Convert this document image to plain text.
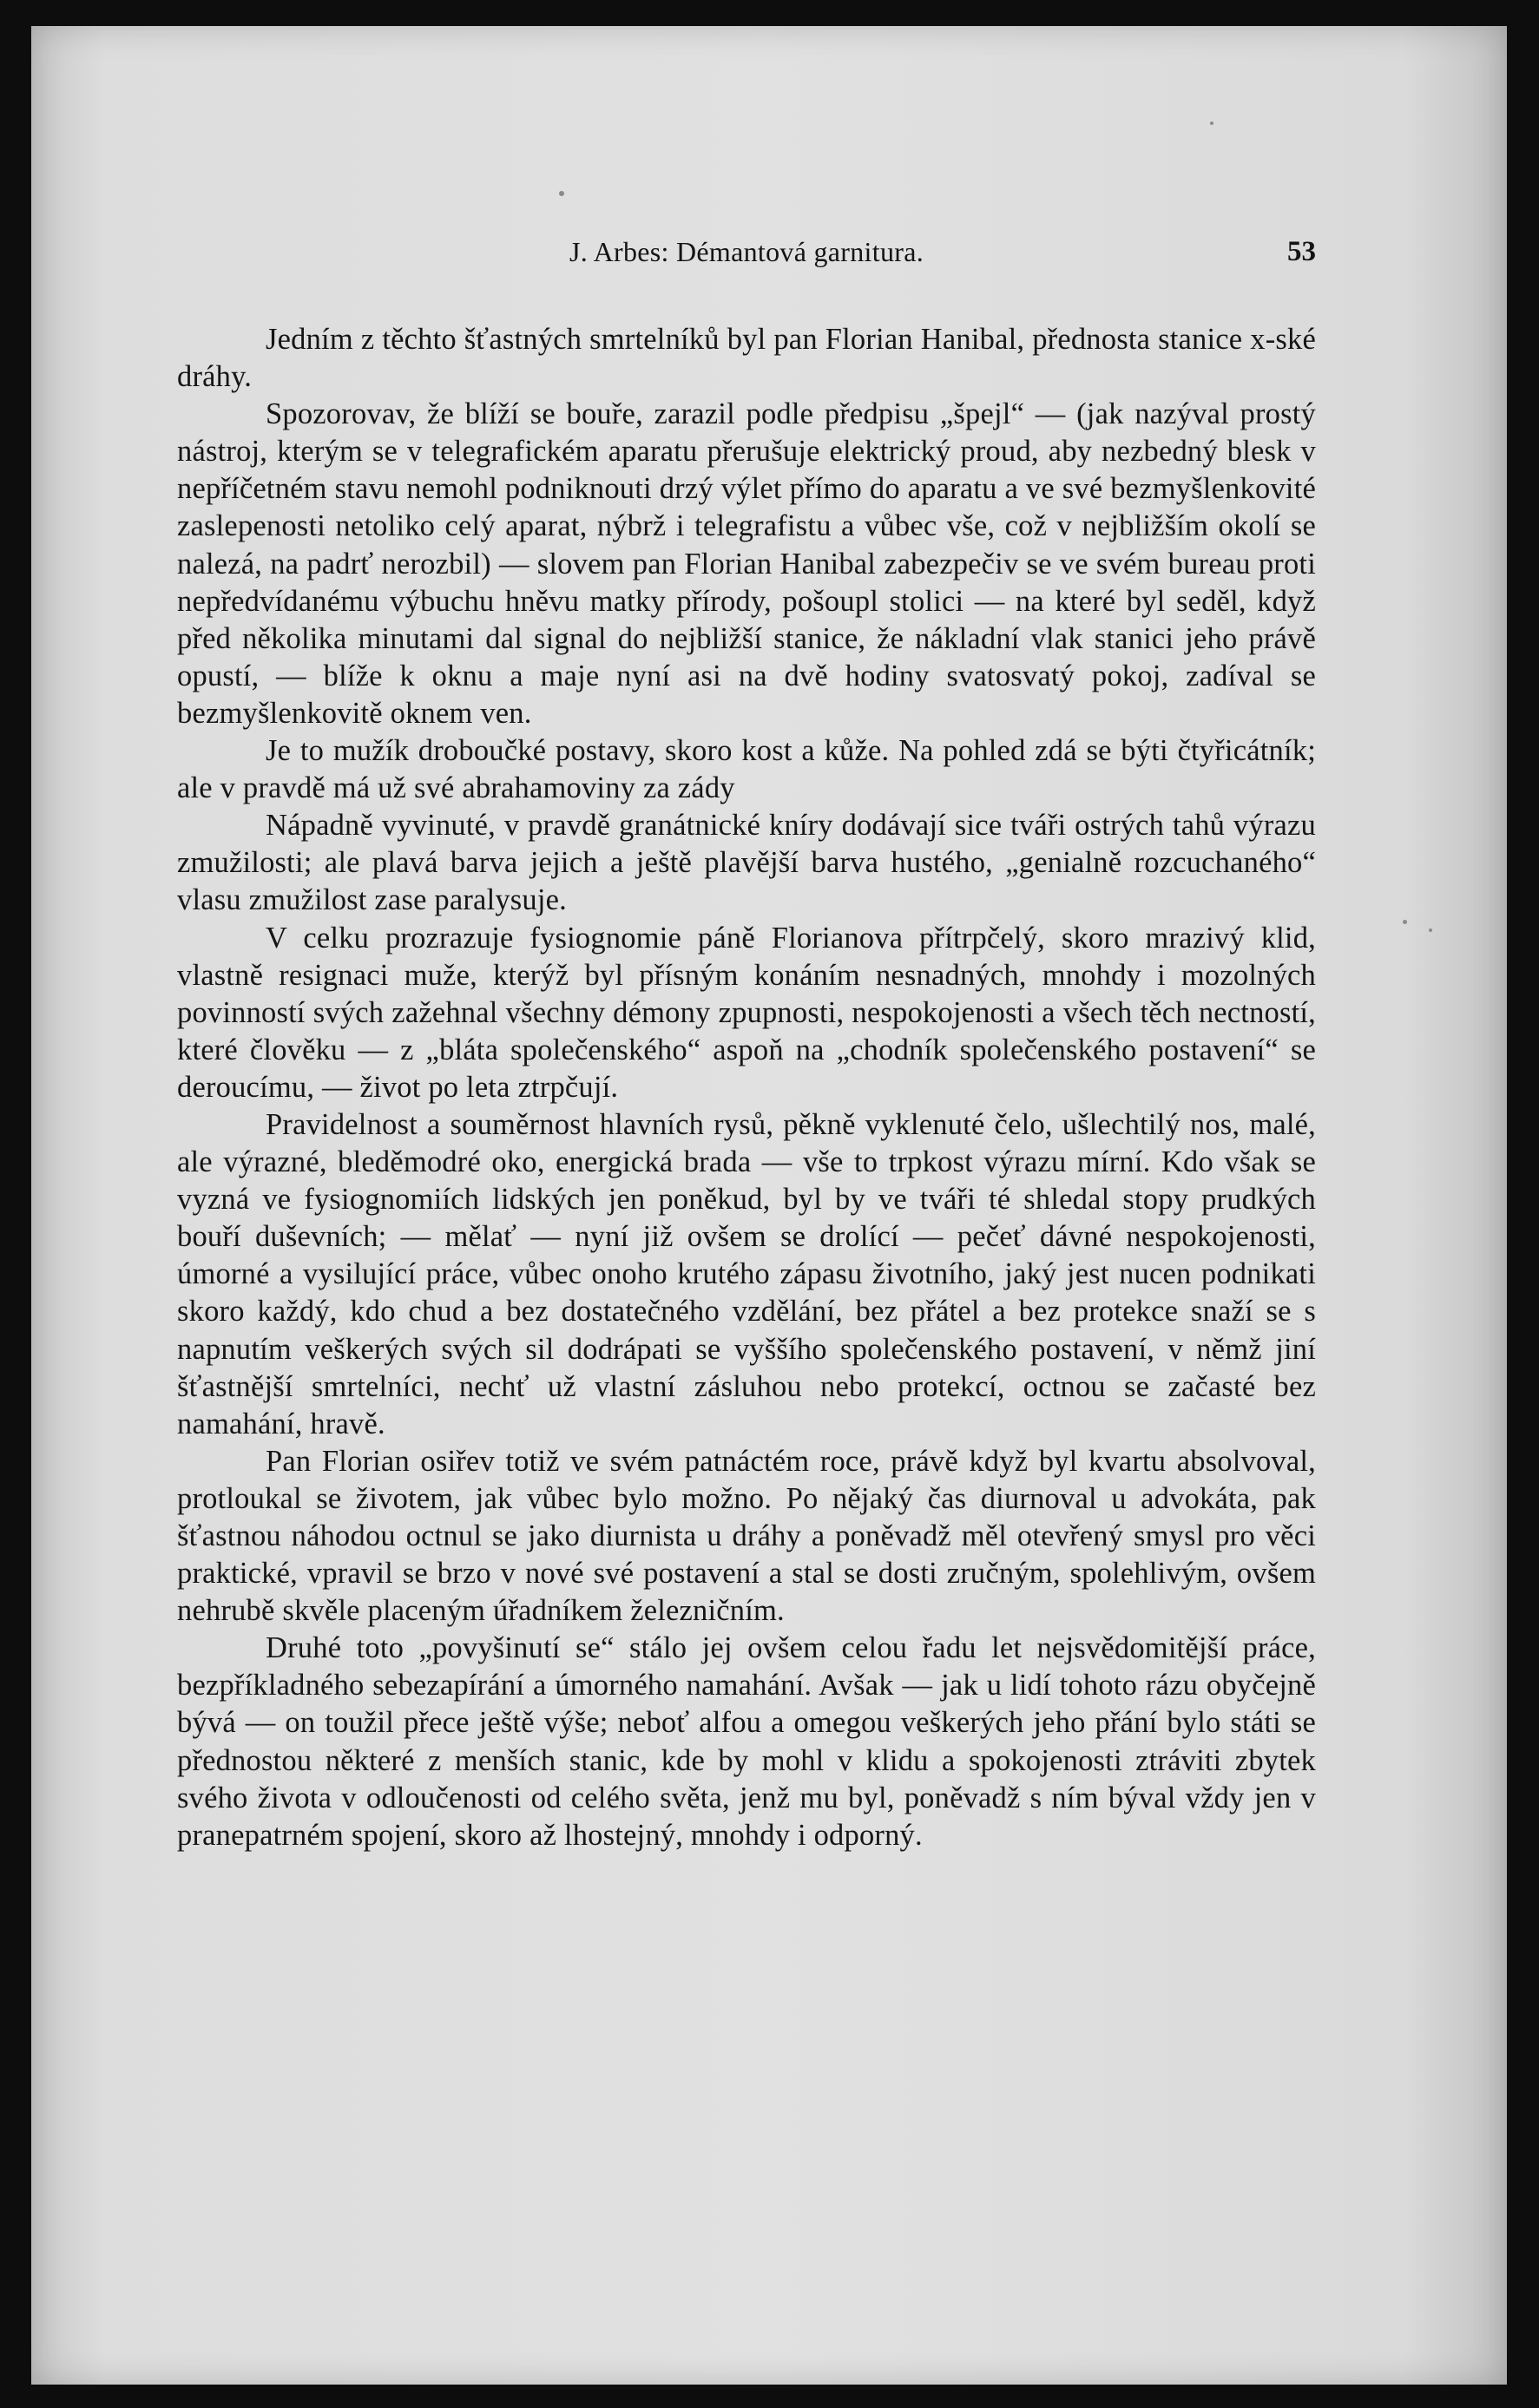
J. Arbes: Démantová garnitura.	53

Jedním z těchto šťastných smrtelníků byl pan Florian Hanibal, přednosta stanice x-ské dráhy.

Spozorovav, že blíží se bouře, zarazil podle předpisu „špejl“ — (jak nazýval prostý nástroj, kterým se v telegrafickém aparatu přerušuje elektrický proud, aby nezbedný blesk v nepříčetném stavu nemohl podniknouti drzý výlet přímo do aparatu a ve své bezmyšlenkovité zaslepenosti netoliko celý aparat, nýbrž i telegrafistu a vůbec vše, což v nejbližším okolí se nalezá, na padrť nerozbil) — slovem pan Florian Hanibal zabezpečiv se ve svém bureau proti nepředvídanému výbuchu hněvu matky přírody, pošoupl stolici — na které byl seděl, když před několika minutami dal signal do nejbližší stanice, že nákladní vlak stanici jeho právě opustí, — blíže k oknu a maje nyní asi na dvě hodiny svatosvatý pokoj, zadíval se bezmyšlenkovitě oknem ven.

Je to mužík droboučké postavy, skoro kost a kůže. Na pohled zdá se býti čtyřicátník; ale v pravdě má už své abrahamoviny za zády

Nápadně vyvinuté, v pravdě granátnické kníry dodávají sice tváři ostrých tahů výrazu zmužilosti; ale plavá barva jejich a ještě plavější barva hustého, „genialně rozcuchaného“ vlasu zmužilost zase paralysuje.

V celku prozrazuje fysiognomie páně Florianova přítrpčelý, skoro mrazivý klid, vlastně resignaci muže, kterýž byl přísným konáním nesnadných, mnohdy i mozolných povinností svých zažehnal všechny démony zpupnosti, nespokojenosti a všech těch nectností, které člověku — z „bláta společenského“ aspoň na „chodník společenského postavení“ se deroucímu, — život po leta ztrpčují.

Pravidelnost a souměrnost hlavních rysů, pěkně vyklenuté čelo, ušlechtilý nos, malé, ale výrazné, bleděmodré oko, energická brada — vše to trpkost výrazu mírní. Kdo však se vyzná ve fysiognomiích lidských jen poněkud, byl by ve tváři té shledal stopy prudkých bouří duševních; — mělať — nyní již ovšem se drolící — pečeť dávné nespokojenosti, úmorné a vysilující práce, vůbec onoho krutého zápasu životního, jaký jest nucen podnikati skoro každý, kdo chud a bez dostatečného vzdělání, bez přátel a bez protekce snaží se s napnutím veškerých svých sil dodrápati se vyššího společenského postavení, v němž jiní šťastnější smrtelníci, nechť už vlastní zásluhou nebo protekcí, octnou se začasté bez namahání, hravě.

Pan Florian osiřev totiž ve svém patnáctém roce, právě když byl kvartu absolvoval, protloukal se životem, jak vůbec bylo možno. Po nějaký čas diurnoval u advokáta, pak šťastnou náhodou octnul se jako diurnista u dráhy a poněvadž měl otevřený smysl pro věci praktické, vpravil se brzo v nové své postavení a stal se dosti zručným, spolehlivým, ovšem nehrubě skvěle placeným úřadníkem železničním.

Druhé toto „povyšinutí se“ stálo jej ovšem celou řadu let nejsvědomitější práce, bezpříkladného sebezapírání a úmorného namahání. Avšak — jak u lidí tohoto rázu obyčejně bývá — on toužil přece ještě výše; neboť alfou a omegou veškerých jeho přání bylo státi se přednostou některé z menších stanic, kde by mohl v klidu a spokojenosti ztráviti zbytek svého života v odloučenosti od celého světa, jenž mu byl, poněvadž s ním býval vždy jen v pranepatrném spojení, skoro až lhostejný, mnohdy i odporný.
